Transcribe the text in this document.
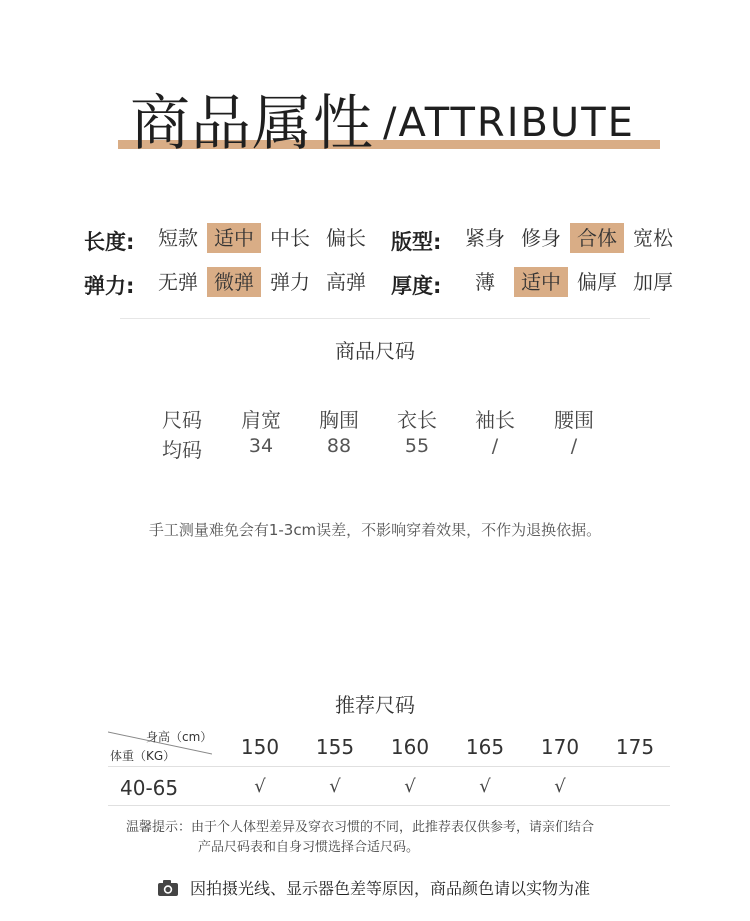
商品属性 /ATTRIBUTE
长度:	短款 适中 中长 偏长	版型:	紧身 修身 合体 宽松
弹力:	无弹 微弹 弹力 高弹	厚度:	薄	适中 偏厚 加厚
商品尺码
尺码	肩宽	胸围	衣长	袖长	腰围
均码	34	88	55	/	/
手工测量难免会有1-3cm误差，不影响穿着效果，不作为退换依据。
推荐尺码
身高（cm）
体重（KG）	150	155	160	165	170	175
40-65	√	√	√	√	√
温馨提示：由于个人体型差异及穿衣习惯的不同，此推荐表仅供参考，请亲们结合
产品尺码表和自身习惯选择合适尺码。
因拍摄光线、显示器色差等原因，商品颜色请以实物为准
